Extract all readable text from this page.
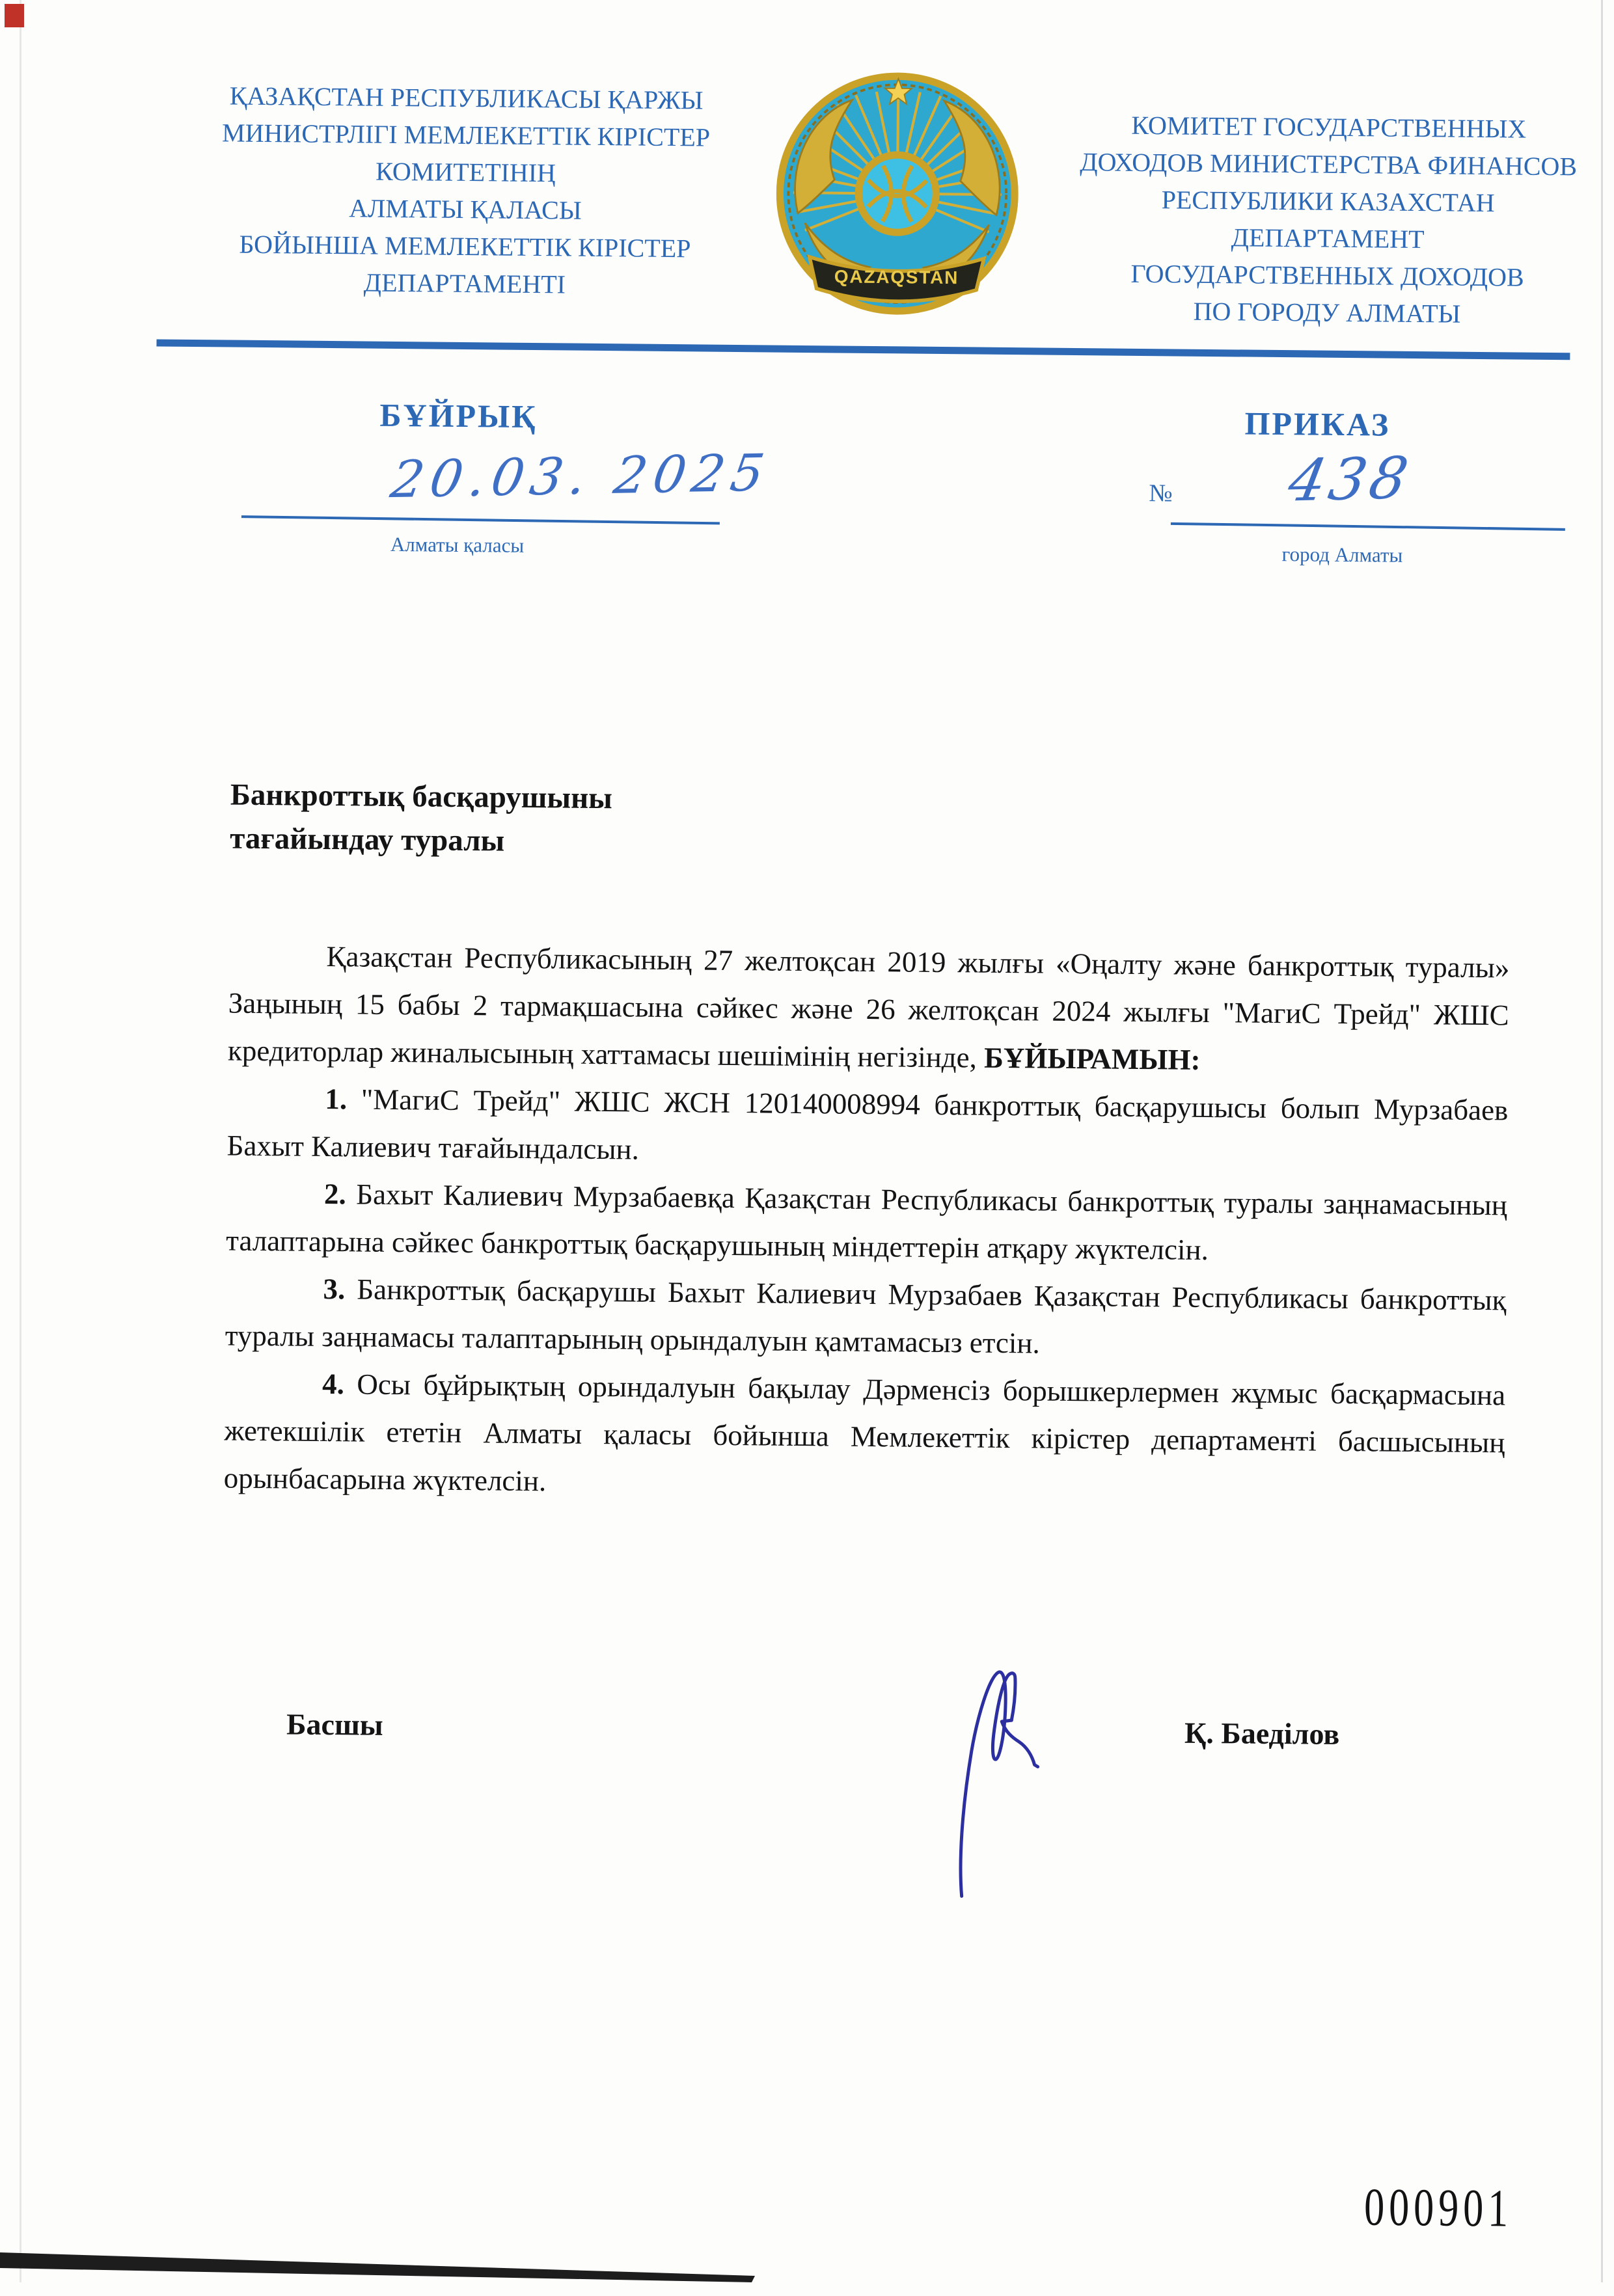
ҚАЗАҚСТАН РЕСПУБЛИКАСЫ ҚАРЖЫ
МИНИСТРЛІГІ МЕМЛЕКЕТТІК КІРІСТЕР
КОМИТЕТІНІҢ
АЛМАТЫ ҚАЛАСЫ
БОЙЫНША МЕМЛЕКЕТТІК КІРІСТЕР
ДЕПАРТАМЕНТІ	QAZAQSTAN
КОМИТЕТ ГОСУДАРСТВЕННЫХ
ДОХОДОВ МИНИСТЕРСТВА ФИНАНСОВ
РЕСПУБЛИКИ КАЗАХСТАН
ДЕПАРТАМЕНТ
ГОСУДАРСТВЕННЫХ ДОХОДОВ
ПО ГОРОДУ АЛМАТЫ
БҰЙРЫҚ	ПРИКАЗ
20.03. 2025
Алматы қаласы
№ 438
город Алматы
Банкроттық басқарушыны
тағайындау туралы

Қазақстан Республикасының 27 желтоқсан 2019 жылғы «Оңалту және банкроттық туралы» Заңының 15 бабы 2 тармақшасына сәйкес және 26 желтоқсан 2024 жылғы "МагиС Трейд" ЖШС кредиторлар жиналысының хаттамасы шешімінің негізінде, БҰЙЫРАМЫН:

1. "МагиС Трейд" ЖШС ЖСН 120140008994 банкроттық басқарушысы болып Мурзабаев Бахыт Калиевич тағайындалсын.

2. Бахыт Калиевич Мурзабаевқа Қазақстан Республикасы банкроттық туралы заңнамасының талаптарына сәйкес банкроттық басқарушының міндеттерін атқару жүктелсін.

3. Банкроттық басқарушы Бахыт Калиевич Мурзабаев Қазақстан Республикасы банкроттық туралы заңнамасы талаптарының орындалуын қамтамасыз етсін.

4. Осы бұйрықтың орындалуын бақылау Дәрменсіз борышкерлермен жұмыс басқармасына жетекшілік ететін Алматы қаласы бойынша Мемлекеттік кірістер департаменті басшысының орынбасарына жүктелсін.

Басшы	Қ. Баеділов
000901
